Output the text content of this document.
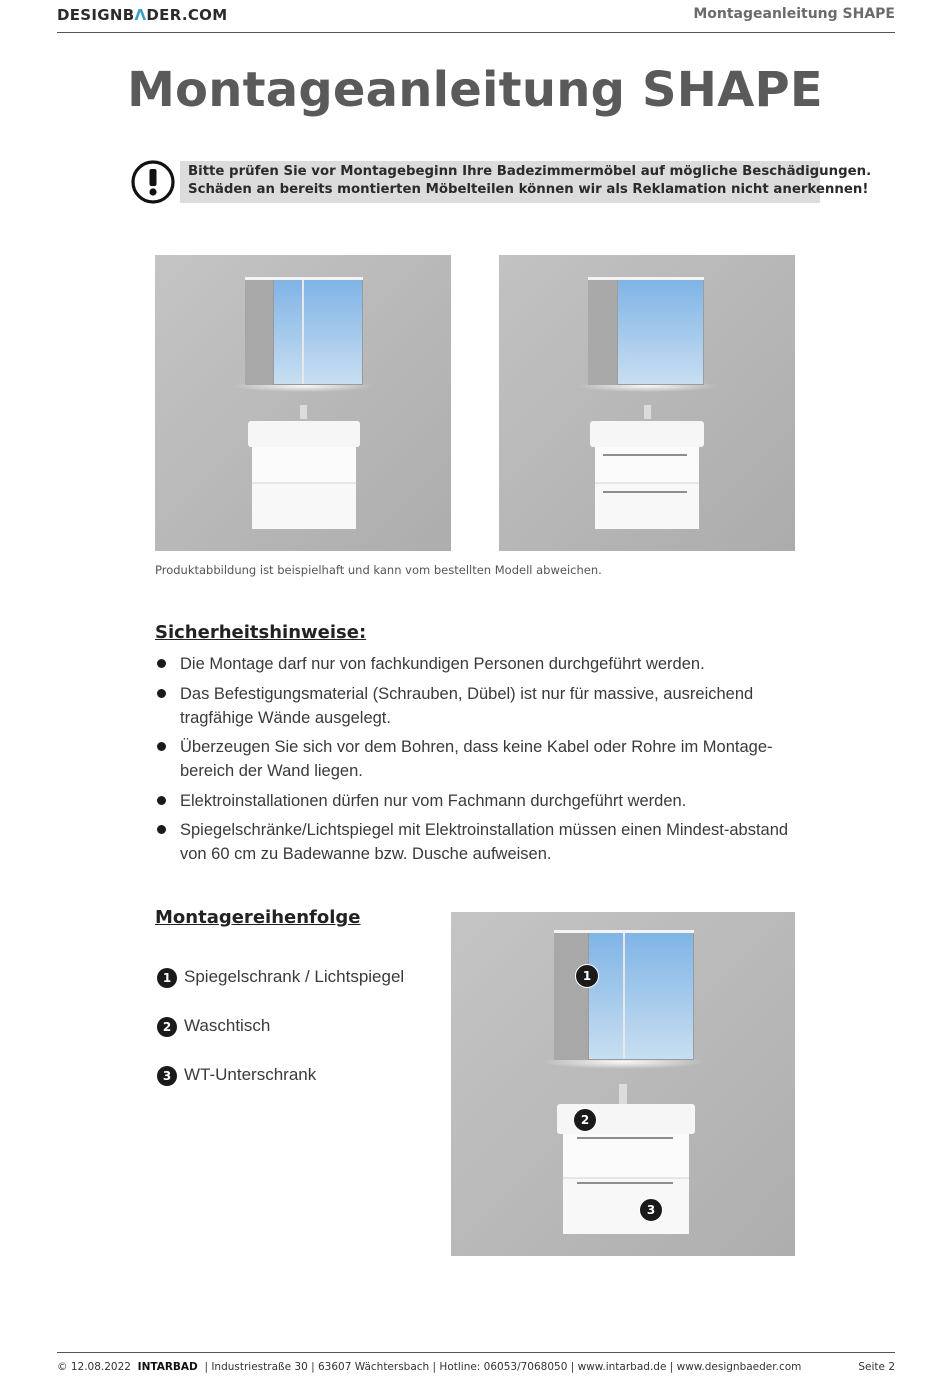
DESIGNBΛDER.COM	Montageanleitung SHAPE
Montageanleitung SHAPE
Bitte prüfen Sie vor Montagebeginn Ihre Badezimmermöbel auf mögliche Beschädigungen.
Schäden an bereits montierten Möbelteilen können wir als Reklamation nicht anerkennen!
Produktabbildung ist beispielhaft und kann vom bestellten Modell abweichen.
Sicherheitshinweise:
Die Montage darf nur von fachkundigen Personen durchgeführt werden.
Das Befestigungsmaterial (Schrauben, Dübel) ist nur für massive, ausreichend tragfähige Wände ausgelegt.
Überzeugen Sie sich vor dem Bohren, dass keine Kabel oder Rohre im Montage-bereich der Wand liegen.
Elektroinstallationen dürfen nur vom Fachmann durchgeführt werden.
Spiegelschränke/Lichtspiegel mit Elektroinstallation müssen einen Mindest-abstand von 60 cm zu Badewanne bzw. Dusche aufweisen.
Montagereihenfolge
1 Spiegelschrank / Lichtspiegel
2 Waschtisch
3 WT-Unterschrank
1
2
3
© 12.08.2022 INTARBAD | Industriestraße 30 | 63607 Wächtersbach | Hotline: 06053/7068050 | www.intarbad.de | www.designbaeder.com	Seite 2
